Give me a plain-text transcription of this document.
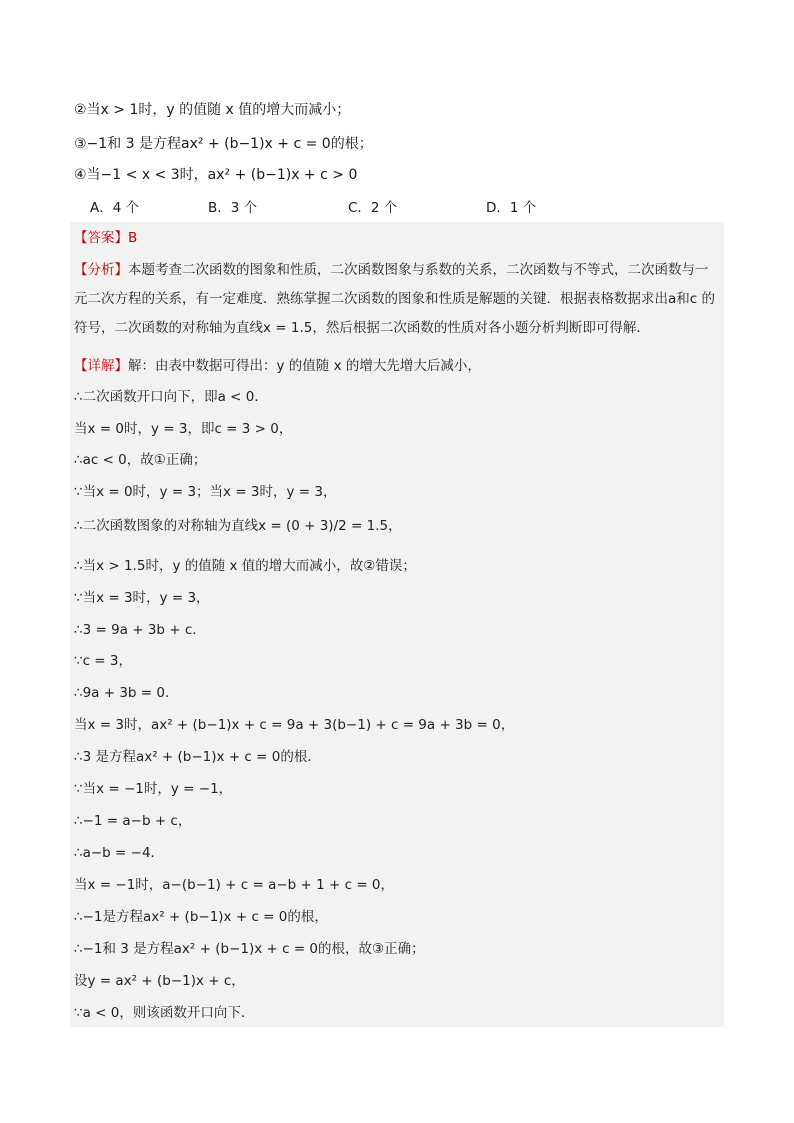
②当x > 1时，y 的值随 x 值的增大而减小；
③−1和 3 是方程ax² + (b−1)x + c = 0的根；
④当−1 < x < 3时，ax² + (b−1)x + c > 0
A．4 个	B．3 个	C．2 个	D．1 个
【答案】B
【分析】本题考查二次函数的图象和性质，二次函数图象与系数的关系，二次函数与不等式，二次函数与一元二次方程的关系，有一定难度．熟练掌握二次函数的图象和性质是解题的关键．根据表格数据求出a和c 的符号，二次函数的对称轴为直线x = 1.5，然后根据二次函数的性质对各小题分析判断即可得解．
【详解】解：由表中数据可得出：y 的值随 x 的增大先增大后减小，
∴二次函数开口向下，即a < 0．
当x = 0时，y = 3，即c = 3 > 0，
∴ac < 0，故①正确；
∵当x = 0时，y = 3；当x = 3时，y = 3，
∴二次函数图象的对称轴为直线x = (0 + 3)/2 = 1.5，
∴当x > 1.5时，y 的值随 x 值的增大而减小，故②错误；
∵当x = 3时，y = 3，
∴3 = 9a + 3b + c．
∵c = 3，
∴9a + 3b = 0．
当x = 3时，ax² + (b−1)x + c = 9a + 3(b−1) + c = 9a + 3b = 0，
∴3 是方程ax² + (b−1)x + c = 0的根．
∵当x = −1时，y = −1，
∴−1 = a−b + c，
∴a−b = −4．
当x = −1时，a−(b−1) + c = a−b + 1 + c = 0，
∴−1是方程ax² + (b−1)x + c = 0的根，
∴−1和 3 是方程ax² + (b−1)x + c = 0的根，故③正确；
设y = ax² + (b−1)x + c，
∵a < 0，则该函数开口向下．
